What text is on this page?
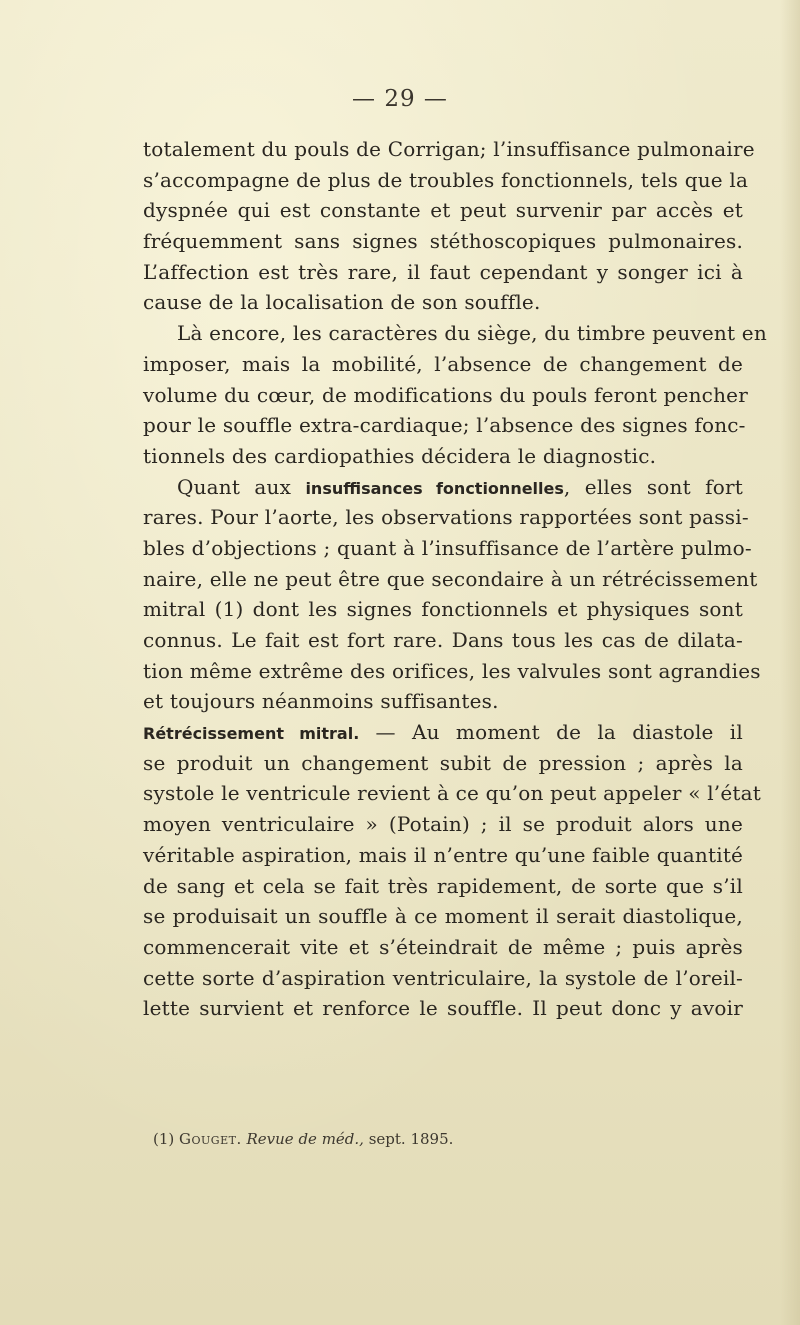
— 29 —
totalement du pouls de Corrigan; l’insuffisance pulmonaire
s’accompagne de plus de troubles fonctionnels, tels que la
dyspnée qui est constante et peut survenir par accès et
fréquemment sans signes stéthoscopiques pulmonaires.
L’affection est très rare, il faut cependant y songer ici à
cause de la localisation de son souffle.
Là encore, les caractères du siège, du timbre peuvent en
imposer, mais la mobilité, l’absence de changement de
volume du cœur, de modifications du pouls feront pencher
pour le souffle extra-cardiaque; l’absence des signes fonc-
tionnels des cardiopathies décidera le diagnostic.
Quant aux insuffisances fonctionnelles, elles sont fort
rares. Pour l’aorte, les observations rapportées sont passi-
bles d’objections ; quant à l’insuffisance de l’artère pulmo-
naire, elle ne peut être que secondaire à un rétrécissement
mitral (1) dont les signes fonctionnels et physiques sont
connus. Le fait est fort rare. Dans tous les cas de dilata-
tion même extrême des orifices, les valvules sont agrandies
et toujours néanmoins suffisantes.
Rétrécissement mitral. — Au moment de la diastole il
se produit un changement subit de pression ; après la
systole le ventricule revient à ce qu’on peut appeler « l’état
moyen ventriculaire » (Potain) ; il se produit alors une
véritable aspiration, mais il n’entre qu’une faible quantité
de sang et cela se fait très rapidement, de sorte que s’il
se produisait un souffle à ce moment il serait diastolique,
commencerait vite et s’éteindrait de même ; puis après
cette sorte d’aspiration ventriculaire, la systole de l’oreil-
lette survient et renforce le souffle. Il peut donc y avoir
(1) Gouget. Revue de méd., sept. 1895.
